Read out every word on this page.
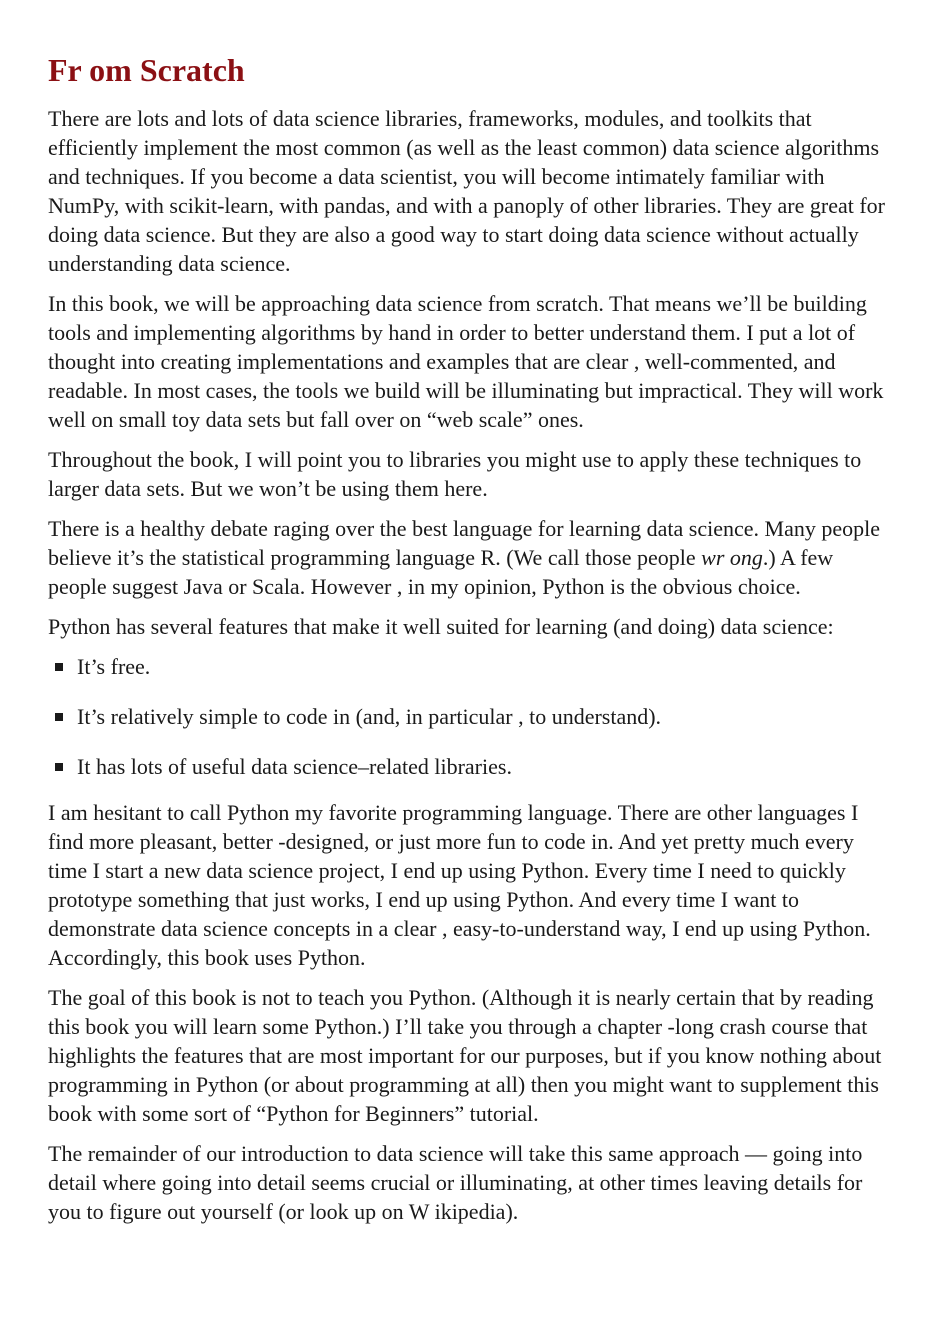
Fr om Scratch

There are lots and lots of data science libraries, frameworks, modules, and toolkits that efficiently implement the most common (as well as the least common) data science algorithms and techniques. If you become a data scientist, you will become intimately familiar with NumPy, with scikit-learn, with pandas, and with a panoply of other libraries. They are great for doing data science. But they are also a good way to start doing data science without actually understanding data science.

In this book, we will be approaching data science from scratch. That means we’ll be building tools and implementing algorithms by hand in order to better understand them. I put a lot of thought into creating implementations and examples that are clear , well-commented, and readable. In most cases, the tools we build will be illuminating but impractical. They will work well on small toy data sets but fall over on “web scale” ones.

Throughout the book, I will point you to libraries you might use to apply these techniques to larger data sets. But we won’t be using them here.

There is a healthy debate raging over the best language for learning data science. Many people believe it’s the statistical programming language R. (We call those people wr ong.) A few people suggest Java or Scala. However , in my opinion, Python is the obvious choice.

Python has several features that make it well suited for learning (and doing) data science:

It’s free.
It’s relatively simple to code in (and, in particular , to understand).
It has lots of useful data science–related libraries.

I am hesitant to call Python my favorite programming language. There are other languages I find more pleasant, better -designed, or just more fun to code in. And yet pretty much every time I start a new data science project, I end up using Python. Every time I need to quickly prototype something that just works, I end up using Python. And every time I want to demonstrate data science concepts in a clear , easy-to-understand way, I end up using Python. Accordingly, this book uses Python.

The goal of this book is not to teach you Python. (Although it is nearly certain that by reading this book you will learn some Python.) I’ll take you through a chapter -long crash course that highlights the features that are most important for our purposes, but if you know nothing about programming in Python (or about programming at all) then you might want to supplement this book with some sort of “Python for Beginners” tutorial.

The remainder of our introduction to data science will take this same approach — going into detail where going into detail seems crucial or illuminating, at other times leaving details for you to figure out yourself (or look up on W ikipedia).
